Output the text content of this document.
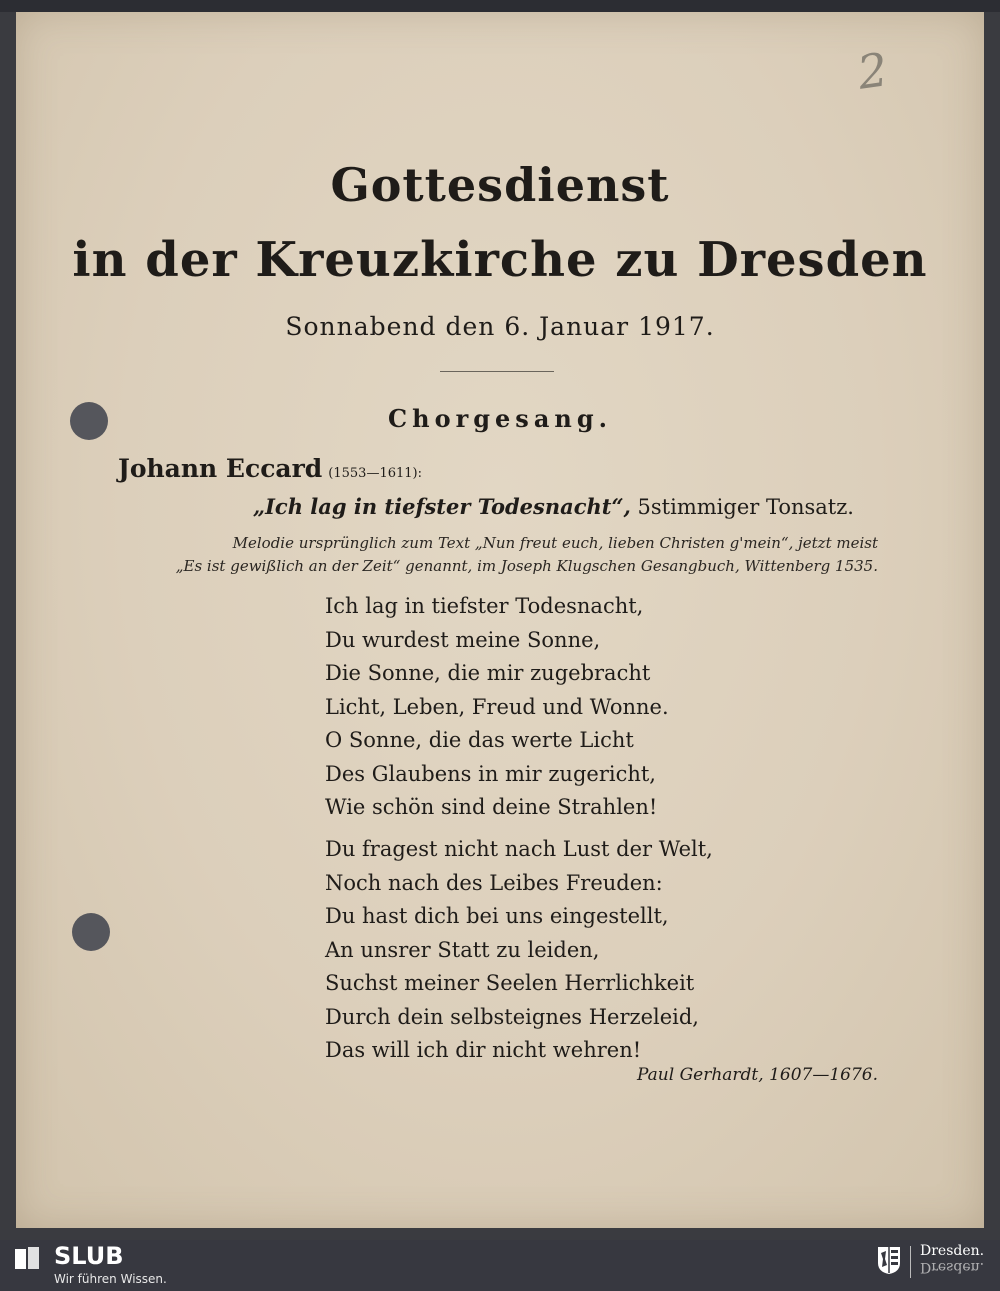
2
Gottesdienst
in der Kreuzkirche zu Dresden
Sonnabend den 6. Januar 1917.
Chorgesang.
Johann Eccard (1553—1611):
„Ich lag in tiefster Todesnacht“, 5stimmiger Tonsatz.
Melodie ursprünglich zum Text „Nun freut euch, lieben Christen g'mein“, jetzt meist
„Es ist gewißlich an der Zeit“ genannt, im Joseph Klugschen Gesangbuch, Wittenberg 1535.
Ich lag in tiefster Todesnacht,
Du wurdest meine Sonne,
Die Sonne, die mir zugebracht
Licht, Leben, Freud und Wonne.
O Sonne, die das werte Licht
Des Glaubens in mir zugericht,
Wie schön sind deine Strahlen!
Du fragest nicht nach Lust der Welt,
Noch nach des Leibes Freuden:
Du hast dich bei uns eingestellt,
An unsrer Statt zu leiden,
Suchst meiner Seelen Herrlichkeit
Durch dein selbsteignes Herzeleid,
Das will ich dir nicht wehren!
Paul Gerhardt, 1607—1676.
SLUB
Wir führen Wissen.
Dresden.
Dresden.
